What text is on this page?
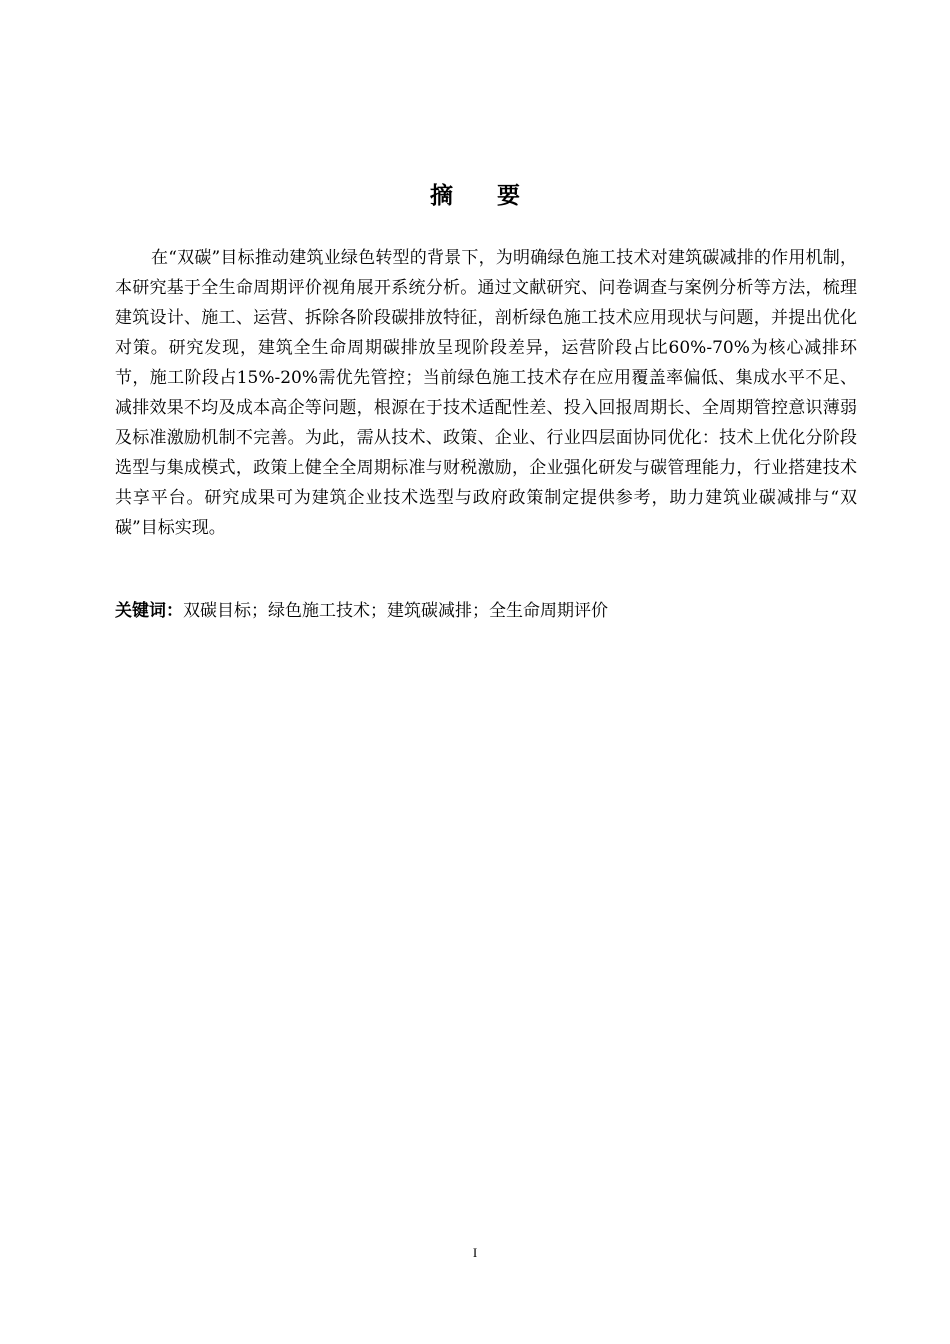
摘 要

在“双碳”目标推动建筑业绿色转型的背景下，为明确绿色施工技术对建筑碳减排的作用机制，本研究基于全生命周期评价视角展开系统分析。通过文献研究、问卷调查与案例分析等方法，梳理建筑设计、施工、运营、拆除各阶段碳排放特征，剖析绿色施工技术应用现状与问题，并提出优化对策。研究发现，建筑全生命周期碳排放呈现阶段差异，运营阶段占比60%-70%为核心减排环节，施工阶段占15%-20%需优先管控；当前绿色施工技术存在应用覆盖率偏低、集成水平不足、减排效果不均及成本高企等问题，根源在于技术适配性差、投入回报周期长、全周期管控意识薄弱及标准激励机制不完善。为此，需从技术、政策、企业、行业四层面协同优化：技术上优化分阶段选型与集成模式，政策上健全全周期标准与财税激励，企业强化研发与碳管理能力，行业搭建技术共享平台。研究成果可为建筑企业技术选型与政府政策制定提供参考，助力建筑业碳减排与“双碳”目标实现。

关键词：双碳目标；绿色施工技术；建筑碳减排；全生命周期评价
I
